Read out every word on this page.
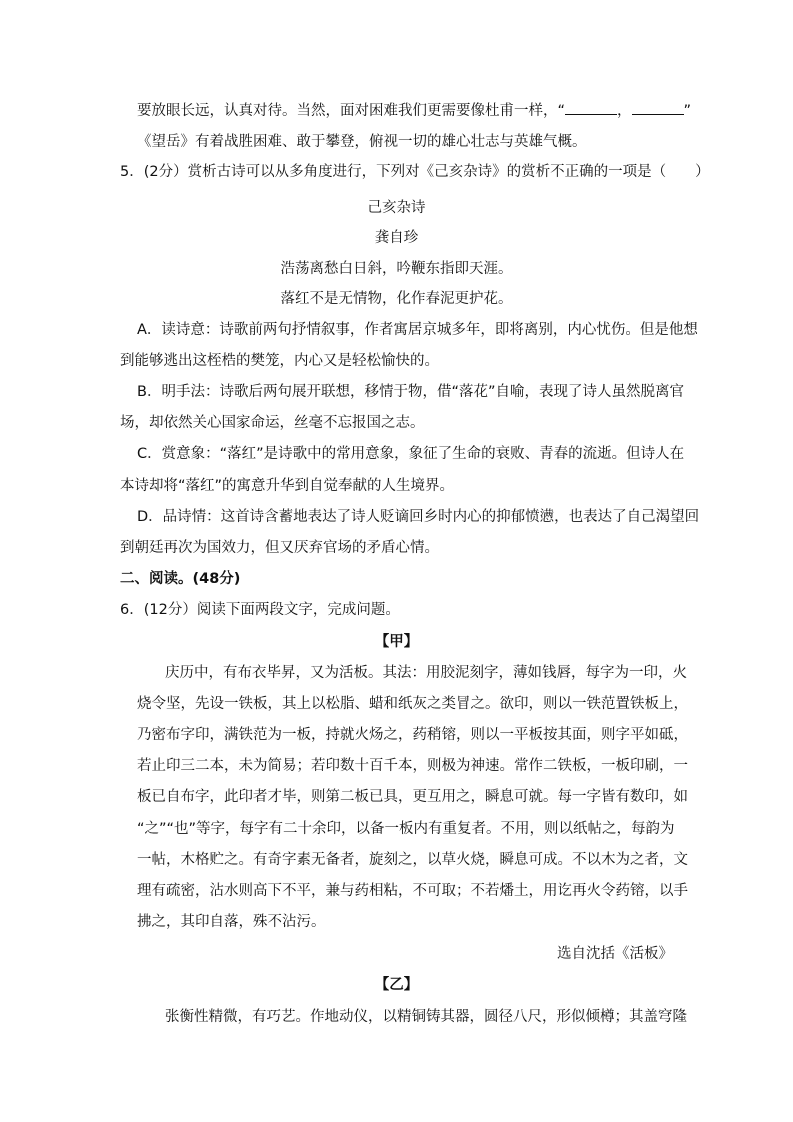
要放眼长远，认真对待。当然，面对困难我们更需要像杜甫一样，“	，	”
《望岳》有着战胜困难、敢于攀登，俯视一切的雄心壮志与英雄气概。
5．(2分）赏析古诗可以从多角度进行，下列对《己亥杂诗》的赏析不正确的一项是（　　）
己亥杂诗
龚自珍
浩荡离愁白日斜，吟鞭东指即天涯。
落红不是无情物，化作春泥更护花。
A．读诗意：诗歌前两句抒情叙事，作者寓居京城多年，即将离别，内心忧伤。但是他想
到能够逃出这桎梏的樊笼，内心又是轻松愉快的。
B．明手法：诗歌后两句展开联想，移情于物，借“落花”自喻，表现了诗人虽然脱离官
场，却依然关心国家命运，丝毫不忘报国之志。
C．赏意象：“落红”是诗歌中的常用意象，象征了生命的衰败、青春的流逝。但诗人在
本诗却将“落红”的寓意升华到自觉奉献的人生境界。
D．品诗情：这首诗含蓄地表达了诗人贬谪回乡时内心的抑郁愤懑，也表达了自己渴望回
到朝廷再次为国效力，但又厌弃官场的矛盾心情。
二、阅读。(48分)
6．(12分）阅读下面两段文字，完成问题。
【甲】
庆历中，有布衣毕昇，又为活板。其法：用胶泥刻字，薄如钱唇，每字为一印，火
烧令坚，先设一铁板，其上以松脂、蜡和纸灰之类冒之。欲印，则以一铁范置铁板上，
乃密布字印，满铁范为一板，持就火炀之，药稍镕，则以一平板按其面，则字平如砥，
若止印三二本，未为简易；若印数十百千本，则极为神速。常作二铁板，一板印刷，一
板已自布字，此印者才毕，则第二板已具，更互用之，瞬息可就。每一字皆有数印，如
“之”“也”等字，每字有二十余印，以备一板内有重复者。不用，则以纸帖之，每韵为
一帖，木格贮之。有奇字素无备者，旋刻之，以草火烧，瞬息可成。不以木为之者，文
理有疏密，沾水则高下不平，兼与药相粘，不可取；不若燔土，用讫再火令药镕，以手
拂之，其印自落，殊不沾污。
选自沈括《活板》
【乙】
张衡性精微，有巧艺。作地动仪，以精铜铸其器，圆径八尺，形似倾樽；其盖穹隆
